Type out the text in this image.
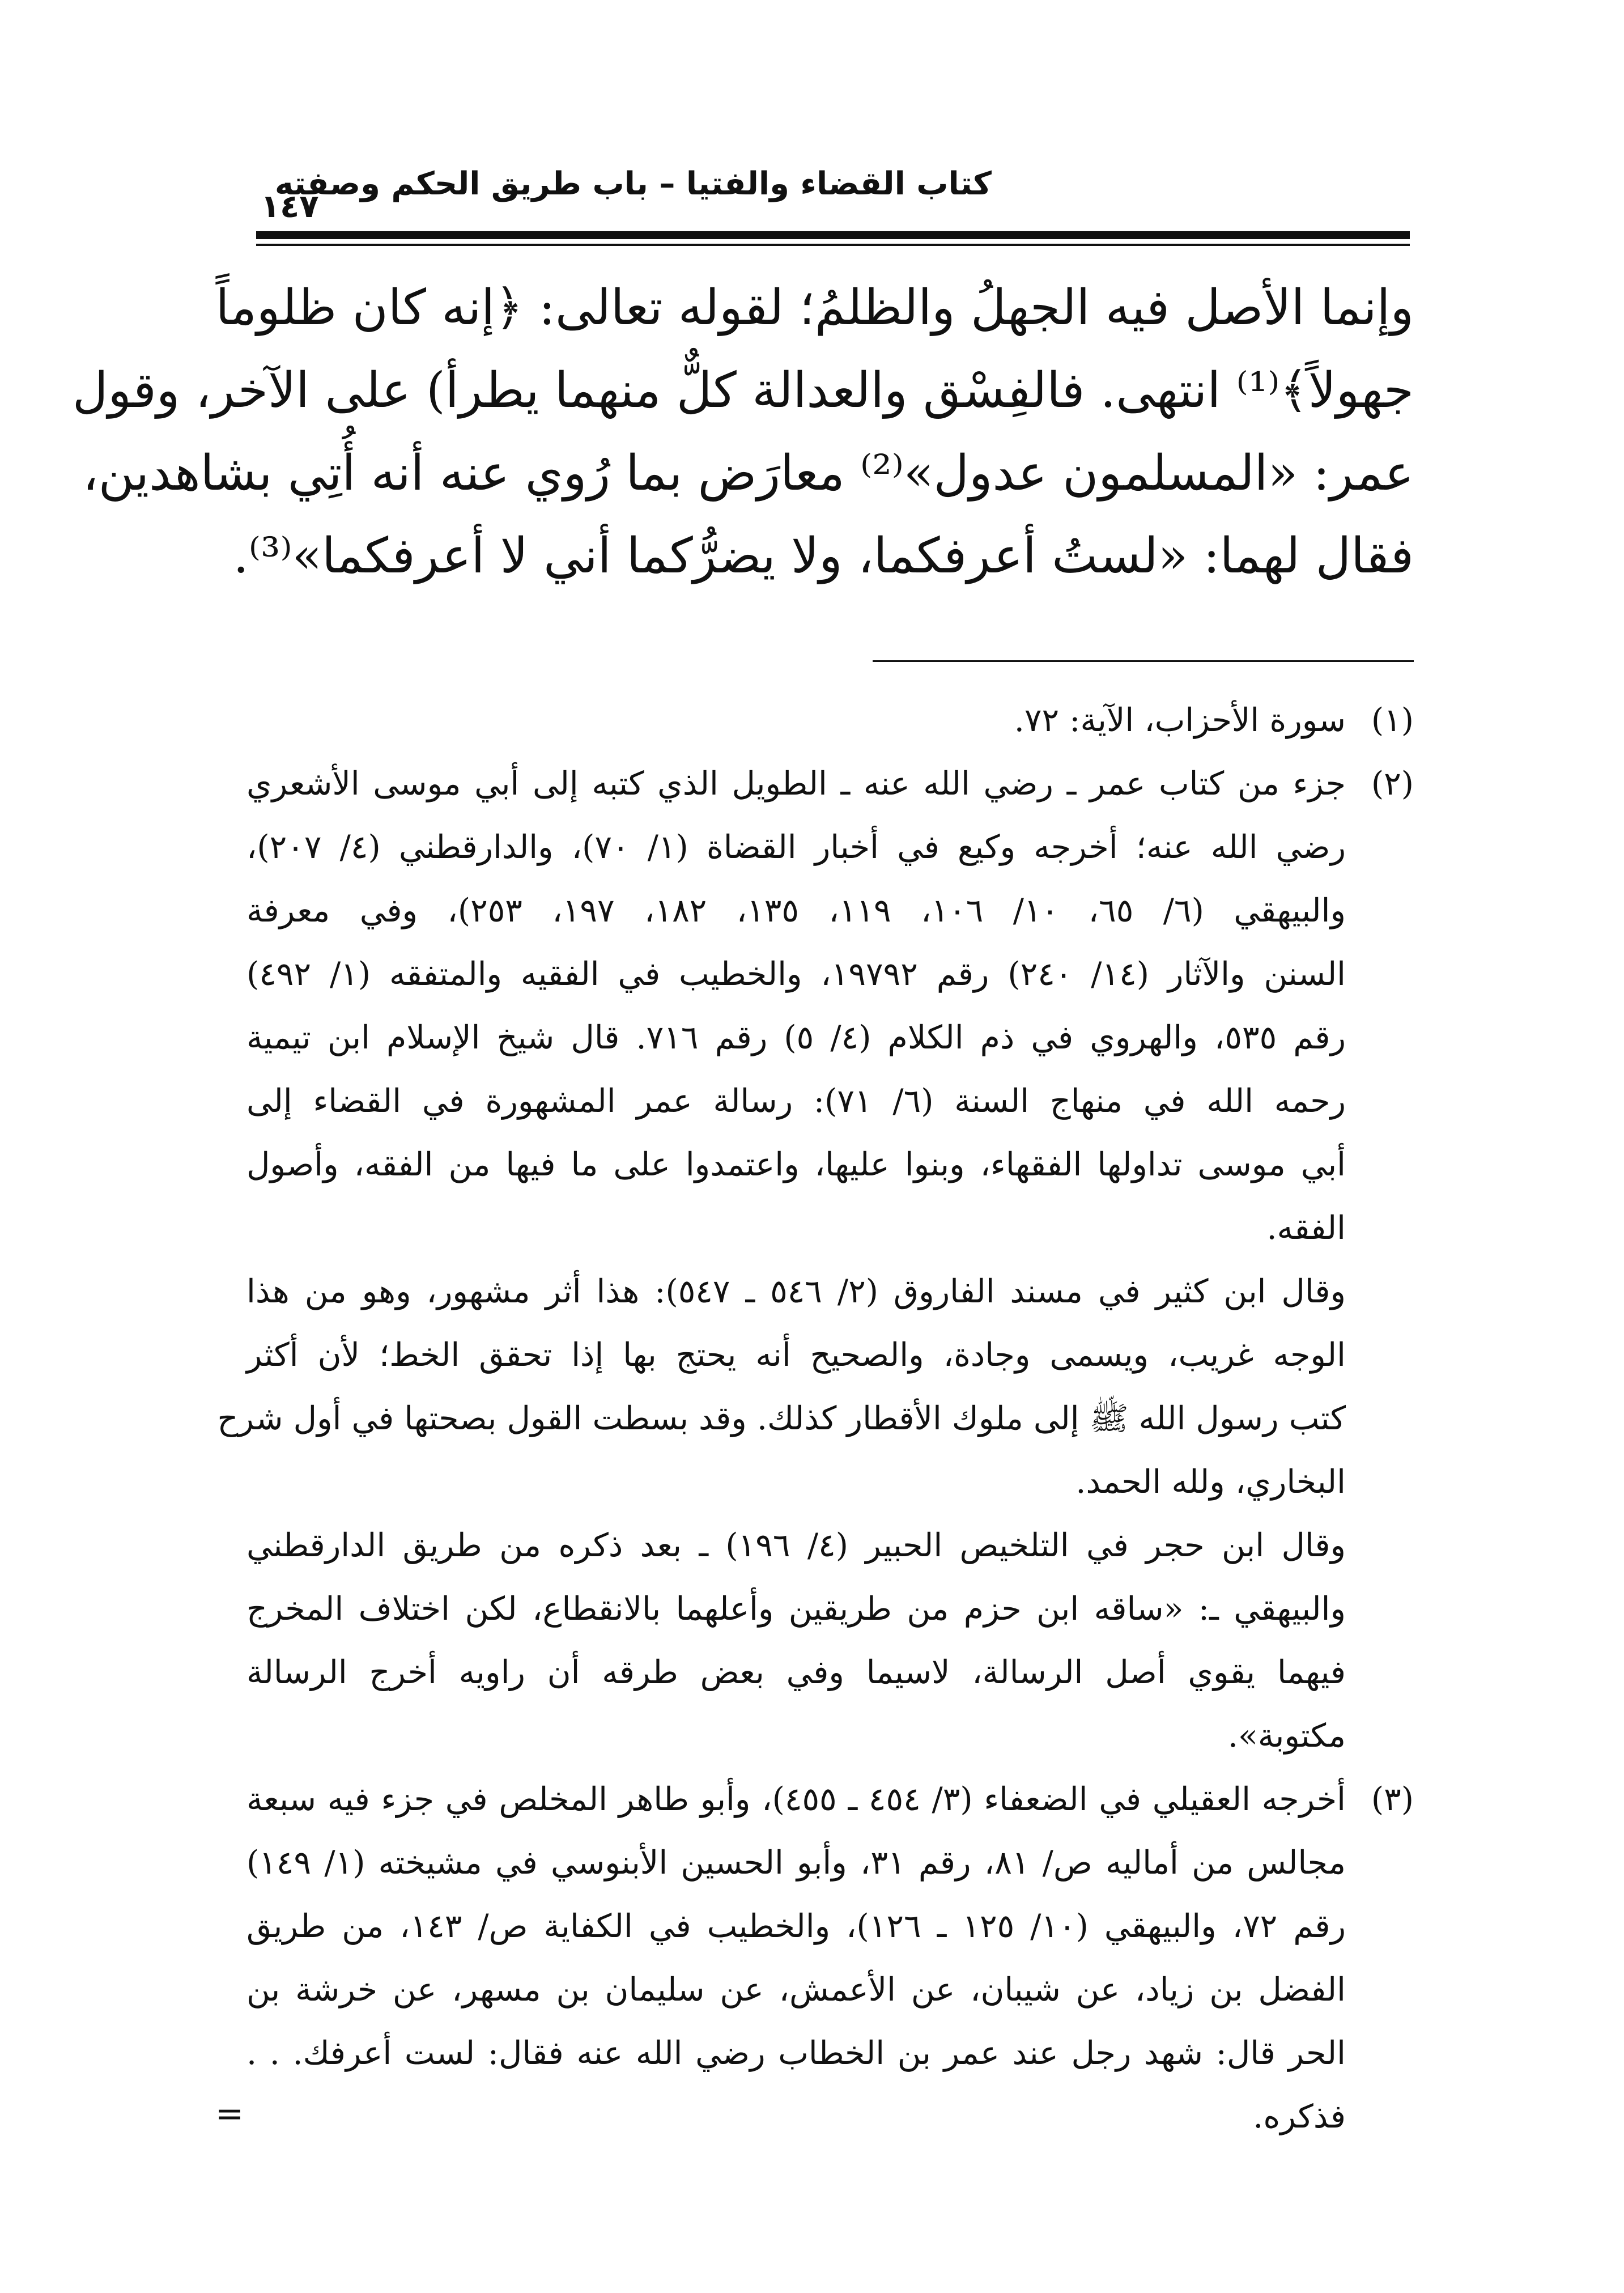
كتاب القضاء والفتيا – باب طريق الحكم وصفته
١٤٧
وإنما الأصل فيه الجهلُ والظلمُ؛ لقوله تعالى: ﴿إنه كان ظلوماً
جهولاً﴾⁽¹⁾ انتهى. فالفِسْق والعدالة كلٌّ منهما يطرأ) على الآخر، وقول
عمر: «المسلمون عدول»⁽²⁾ معارَض بما رُوي عنه أنه أُتِي بشاهدين،
فقال لهما: «لستُ أعرفكما، ولا يضرُّكما أني لا أعرفكما»⁽³⁾.
(١)
سورة الأحزاب، الآية: ٧٢.
(٢)
جزء من كتاب عمر ـ رضي الله عنه ـ الطويل الذي كتبه إلى أبي موسى الأشعري
رضي الله عنه؛ أخرجه وكيع في أخبار القضاة (١/ ٧٠)، والدارقطني (٤/ ٢٠٧)،
والبيهقي (٦/ ٦٥، ١٠/ ١٠٦، ١١٩، ١٣٥، ١٨٢، ١٩٧، ٢٥٣)، وفي معرفة
السنن والآثار (١٤/ ٢٤٠) رقم ١٩٧٩٢، والخطيب في الفقيه والمتفقه (١/ ٤٩٢)
رقم ٥٣٥، والهروي في ذم الكلام (٤/ ٥) رقم ٧١٦. قال شيخ الإسلام ابن تيمية
رحمه الله في منهاج السنة (٦/ ٧١): رسالة عمر المشهورة في القضاء إلى
أبي موسى تداولها الفقهاء، وبنوا عليها، واعتمدوا على ما فيها من الفقه، وأصول
الفقه.
وقال ابن كثير في مسند الفاروق (٢/ ٥٤٦ ـ ٥٤٧): هذا أثر مشهور، وهو من هذا
الوجه غريب، ويسمى وجادة، والصحيح أنه يحتج بها إذا تحقق الخط؛ لأن أكثر
كتب رسول الله ﷺ إلى ملوك الأقطار كذلك. وقد بسطت القول بصحتها في أول شرح
البخاري، ولله الحمد.
وقال ابن حجر في التلخيص الحبير (٤/ ١٩٦) ـ بعد ذكره من طريق الدارقطني
والبيهقي ـ: «ساقه ابن حزم من طريقين وأعلهما بالانقطاع، لكن اختلاف المخرج
فيهما يقوي أصل الرسالة، لاسيما وفي بعض طرقه أن راويه أخرج الرسالة
مكتوبة».
(٣)
أخرجه العقيلي في الضعفاء (٣/ ٤٥٤ ـ ٤٥٥)، وأبو طاهر المخلص في جزء فيه سبعة
مجالس من أماليه ص/ ٨١، رقم ٣١، وأبو الحسين الأبنوسي في مشيخته (١/ ١٤٩)
رقم ٧٢، والبيهقي (١٠/ ١٢٥ ـ ١٢٦)، والخطيب في الكفاية ص/ ١٤٣، من طريق
الفضل بن زياد، عن شيبان، عن الأعمش، عن سليمان بن مسهر، عن خرشة بن
الحر قال: شهد رجل عند عمر بن الخطاب رضي الله عنه فقال: لست أعرفك. . .
فذكره.
=
